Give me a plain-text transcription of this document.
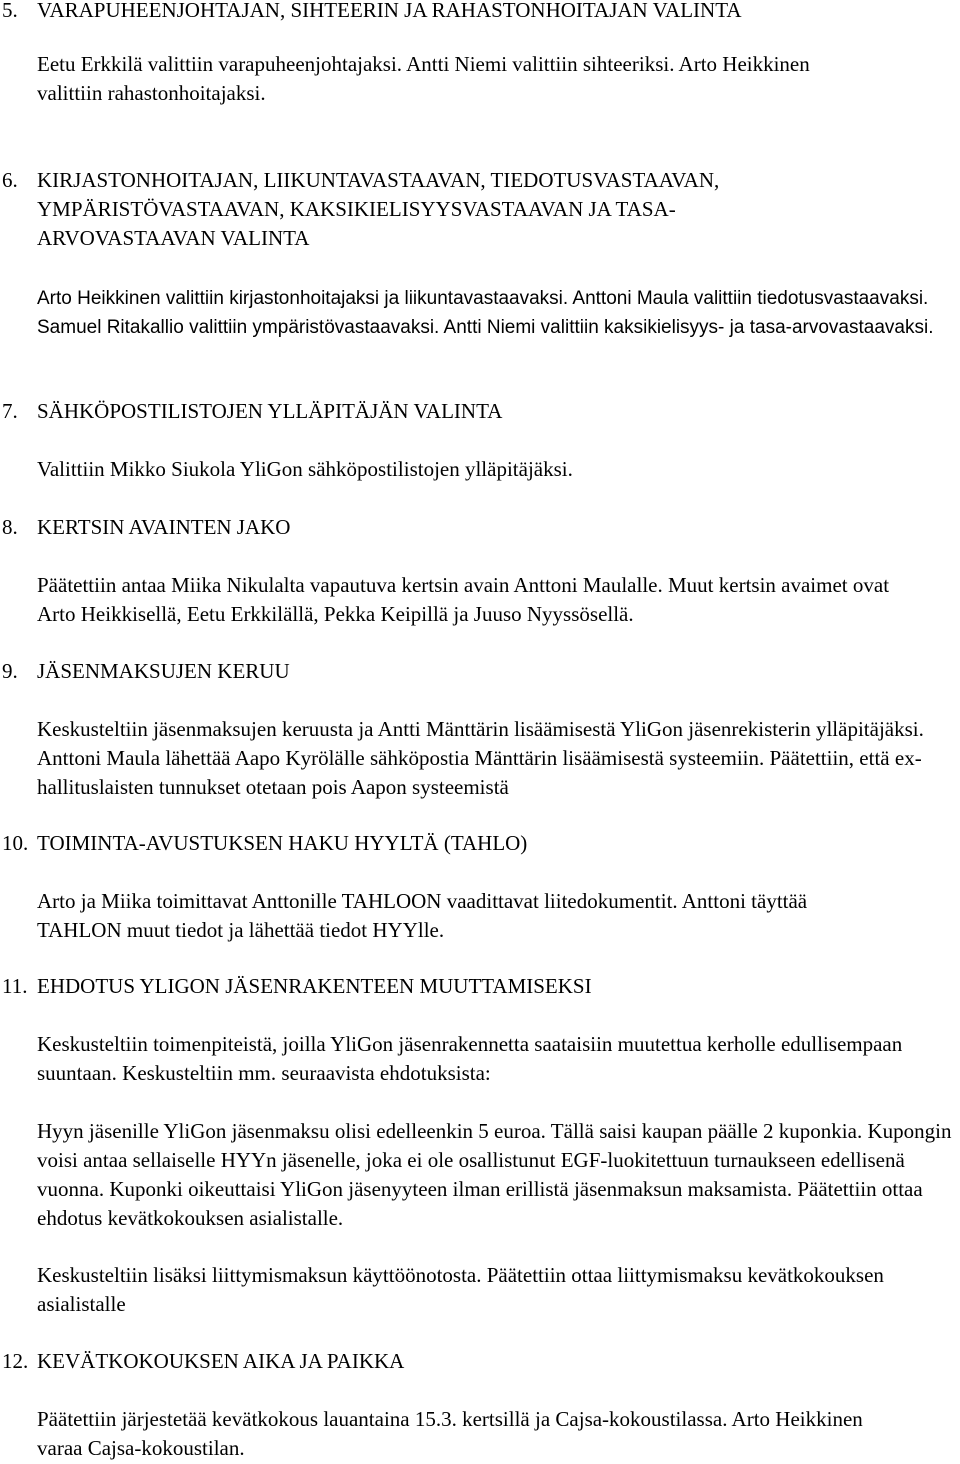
5. VARAPUHEENJOHTAJAN, SIHTEERIN JA RAHASTONHOITAJAN VALINTA

Eetu Erkkilä valittiin varapuheenjohtajaksi. Antti Niemi valittiin sihteeriksi. Arto Heikkinen valittiin rahastonhoitajaksi.

6. KIRJASTONHOITAJAN, LIIKUNTAVASTAAVAN, TIEDOTUSVASTAAVAN, YMPÄRISTÖVASTAAVAN, KAKSIKIELISYYSVASTAAVAN JA TASA-ARVOVASTAAVAN VALINTA

Arto Heikkinen valittiin kirjastonhoitajaksi ja liikuntavastaavaksi. Anttoni Maula valittiin tiedotusvastaavaksi. Samuel Ritakallio valittiin ympäristövastaavaksi. Antti Niemi valittiin kaksikielisyys- ja tasa-arvovastaavaksi.

7. SÄHKÖPOSTILISTOJEN YLLÄPITÄJÄN VALINTA

Valittiin Mikko Siukola YliGon sähköpostilistojen ylläpitäjäksi.

8. KERTSIN AVAINTEN JAKO

Päätettiin antaa Miika Nikulalta vapautuva kertsin avain Anttoni Maulalle. Muut kertsin avaimet ovat Arto Heikkisellä, Eetu Erkkilällä, Pekka Keipillä ja Juuso Nyyssösellä.

9. JÄSENMAKSUJEN KERUU

Keskusteltiin jäsenmaksujen keruusta ja Antti Mänttärin lisäämisestä YliGon jäsenrekisterin ylläpitäjäksi. Anttoni Maula lähettää Aapo Kyrölälle sähköpostia Mänttärin lisäämisestä systeemiin. Päätettiin, että ex-hallituslaisten tunnukset otetaan pois Aapon systeemistä

10. TOIMINTA-AVUSTUKSEN HAKU HYYLTÄ (TAHLO)

Arto ja Miika toimittavat Anttonille TAHLOON vaadittavat liitedokumentit. Anttoni täyttää TAHLON muut tiedot ja lähettää tiedot HYYlle.

11. EHDOTUS YLIGON JÄSENRAKENTEEN MUUTTAMISEKSI

Keskusteltiin toimenpiteistä, joilla YliGon jäsenrakennetta saataisiin muutettua kerholle edullisempaan suuntaan. Keskusteltiin mm. seuraavista ehdotuksista:

Hyyn jäsenille YliGon jäsenmaksu olisi edelleenkin 5 euroa. Tällä saisi kaupan päälle 2 kuponkia. Kupongin voisi antaa sellaiselle HYYn jäsenelle, joka ei ole osallistunut EGF-luokitettuun turnaukseen edellisenä vuonna. Kuponki oikeuttaisi YliGon jäsenyyteen ilman erillistä jäsenmaksun maksamista. Päätettiin ottaa ehdotus kevätkokouksen asialistalle.

Keskusteltiin lisäksi liittymismaksun käyttöönotosta. Päätettiin ottaa liittymismaksu kevätkokouksen asialistalle

12. KEVÄTKOKOUKSEN AIKA JA PAIKKA

Päätettiin järjestetää kevätkokous lauantaina 15.3. kertsillä ja Cajsa-kokoustilassa. Arto Heikkinen varaa Cajsa-kokoustilan.
